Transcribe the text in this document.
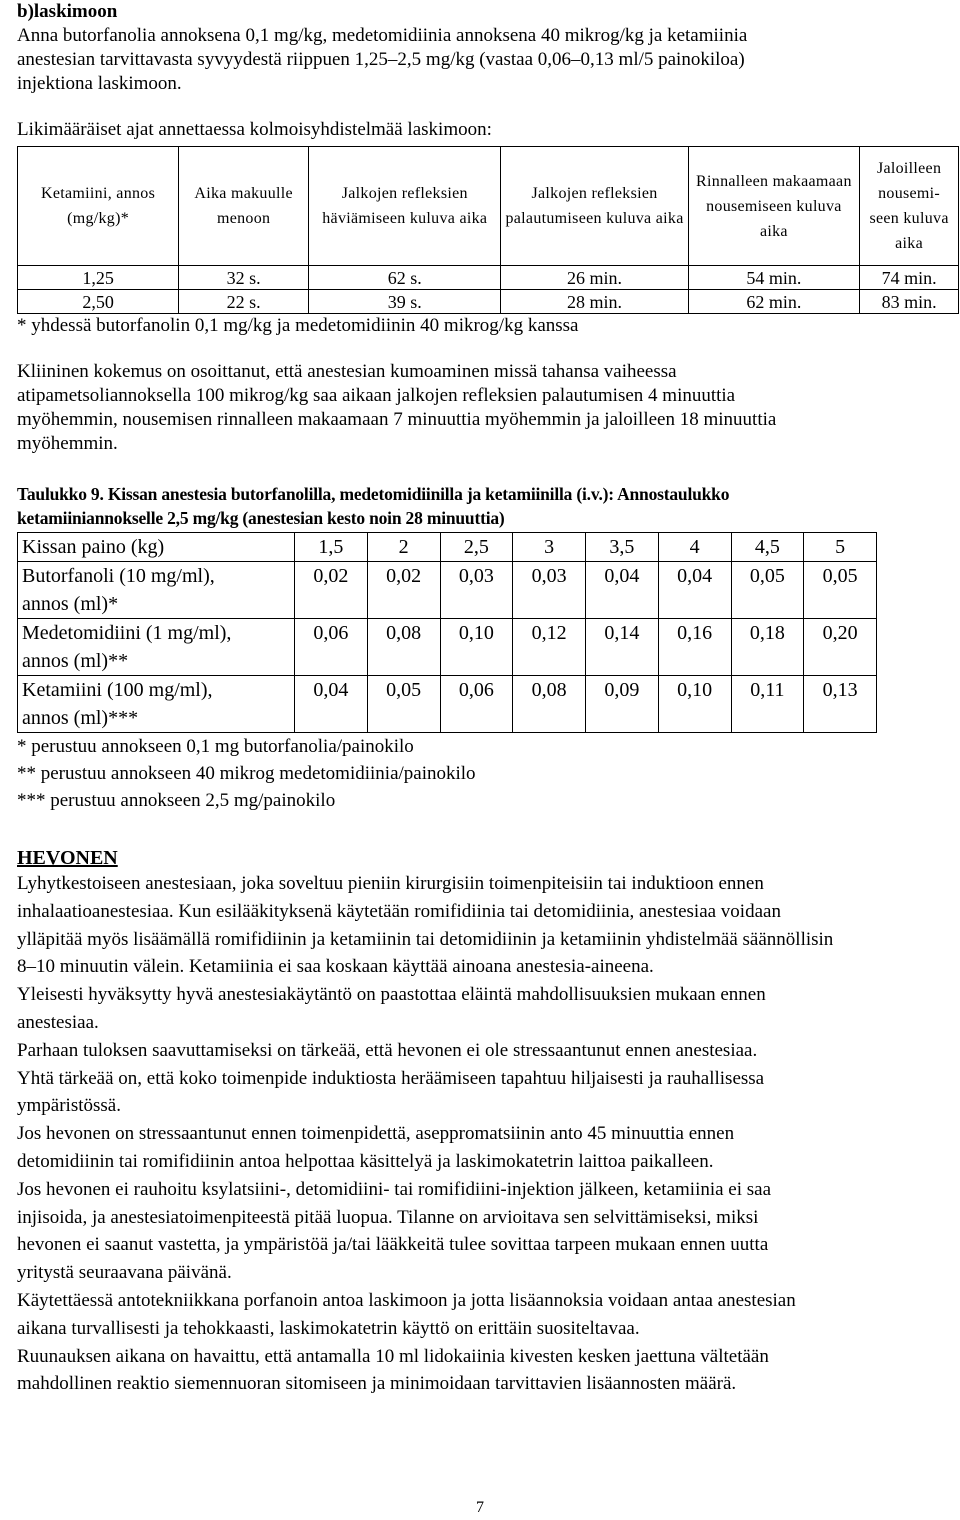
b)laskimoon

Anna butorfanolia annoksena 0,1 mg/kg, medetomidiinia annoksena 40 mikrog/kg ja ketamiinia

anestesian tarvittavasta syvyydestä riippuen 1,25–2,5 mg/kg (vastaa 0,06–0,13 ml/5 painokiloa)

injektiona laskimoon.

Likimääräiset ajat annettaessa kolmoisyhdistelmää laskimoon:

Ketamiini, annos (mg/kg)*	Aika makuulle menoon	Jalkojen refleksien häviämiseen kuluva aika	Jalkojen refleksien palautumiseen kuluva aika	Rinnalleen makaamaan nousemiseen kuluva aika	Jaloilleen nousemi- seen kuluva aika
1,25	32 s.	62 s.	26 min.	54 min.	74 min.
2,50	22 s.	39 s.	28 min.	62 min.	83 min.

* yhdessä butorfanolin 0,1 mg/kg ja medetomidiinin 40 mikrog/kg kanssa

Kliininen kokemus on osoittanut, että anestesian kumoaminen missä tahansa vaiheessa

atipametsoliannoksella 100 mikrog/kg saa aikaan jalkojen refleksien palautumisen 4 minuuttia

myöhemmin, nousemisen rinnalleen makaamaan 7 minuuttia myöhemmin ja jaloilleen 18 minuuttia

myöhemmin.

Taulukko 9. Kissan anestesia butorfanolilla, medetomidiinilla ja ketamiinilla (i.v.): Annostaulukko
ketamiiniannokselle 2,5 mg/kg (anestesian kesto noin 28 minuuttia)
Kissan paino (kg)	1,5	2	2,5	3	3,5	4	4,5	5

Butorfanoli (10 mg/ml),
annos (ml)*	0,02	0,02	0,03	0,03	0,04	0,04	0,05	0,05

Medetomidiini (1 mg/ml),
annos (ml)**	0,06	0,08	0,10	0,12	0,14	0,16	0,18	0,20

Ketamiini (100 mg/ml),
annos (ml)***	0,04	0,05	0,06	0,08	0,09	0,10	0,11	0,13

* perustuu annokseen 0,1 mg butorfanolia/painokilo

** perustuu annokseen 40 mikrog medetomidiinia/painokilo

*** perustuu annokseen 2,5 mg/painokilo

HEVONEN

Lyhytkestoiseen anestesiaan, joka soveltuu pieniin kirurgisiin toimenpiteisiin tai induktioon ennen

inhalaatioanestesiaa. Kun esilääkityksenä käytetään romifidiinia tai detomidiinia, anestesiaa voidaan

ylläpitää myös lisäämällä romifidiinin ja ketamiinin tai detomidiinin ja ketamiinin yhdistelmää säännöllisin

8–10 minuutin välein. Ketamiinia ei saa koskaan käyttää ainoana anestesia-aineena.

Yleisesti hyväksytty hyvä anestesiakäytäntö on paastottaa eläintä mahdollisuuksien mukaan ennen

anestesiaa.

Parhaan tuloksen saavuttamiseksi on tärkeää, että hevonen ei ole stressaantunut ennen anestesiaa.

Yhtä tärkeää on, että koko toimenpide induktiosta heräämiseen tapahtuu hiljaisesti ja rauhallisessa

ympäristössä.

Jos hevonen on stressaantunut ennen toimenpidettä, aseppromatsiinin anto 45 minuuttia ennen

detomidiinin tai romifidiinin antoa helpottaa käsittelyä ja laskimokatetrin laittoa paikalleen.

Jos hevonen ei rauhoitu ksylatsiini-, detomidiini- tai romifidiini-injektion jälkeen, ketamiinia ei saa

injisoida, ja anestesiatoimenpiteestä pitää luopua. Tilanne on arvioitava sen selvittämiseksi, miksi

hevonen ei saanut vastetta, ja ympäristöä ja/tai lääkkeitä tulee sovittaa tarpeen mukaan ennen uutta

yritystä seuraavana päivänä.

Käytettäessä antotekniikkana porfanoin antoa laskimoon ja jotta lisäannoksia voidaan antaa anestesian

aikana turvallisesti ja tehokkaasti, laskimokatetrin käyttö on erittäin suositeltavaa.

Ruunauksen aikana on havaittu, että antamalla 10 ml lidokaiinia kivesten kesken jaettuna vältetään

mahdollinen reaktio siemennuoran sitomiseen ja minimoidaan tarvittavien lisäannosten määrä.

7
